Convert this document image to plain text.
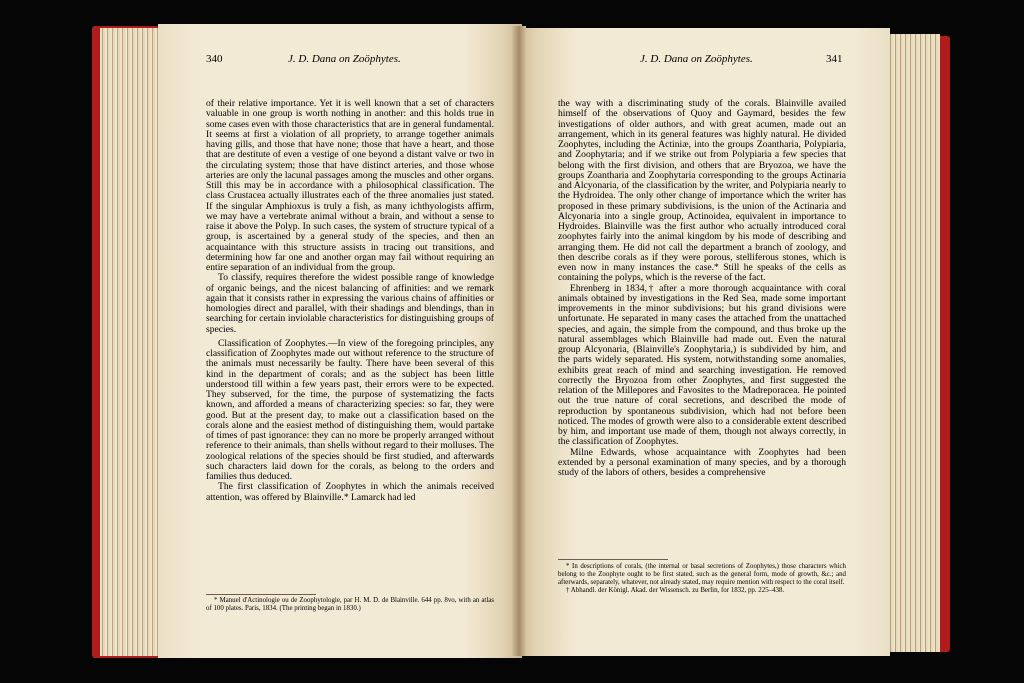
340	J. D. Dana on Zoöphytes.

of their relative importance. Yet it is well known that a set of characters valuable in one group is worth nothing in another: and this holds true in some cases even with those characteristics that are in general fundamental. It seems at first a violation of all propriety, to arrange together animals having gills, and those that have none; those that have a heart, and those that are destitute of even a vestige of one beyond a distant valve or two in the circulating system; those that have distinct arteries, and those whose arteries are only the lacunal passages among the muscles and other organs. Still this may be in accordance with a philosophical classification. The class Crustacea actually illustrates each of the three anomalies just stated. If the singular Amphioxus is truly a fish, as many ichthyologists affirm, we may have a vertebrate animal without a brain, and without a sense to raise it above the Polyp. In such cases, the system of structure typical of a group, is ascertained by a general study of the species, and then an acquaintance with this structure assists in tracing out transitions, and determining how far one and another organ may fail without requiring an entire separation of an individual from the group.

To classify, requires therefore the widest possible range of knowledge of organic beings, and the nicest balancing of affinities: and we remark again that it consists rather in expressing the various chains of affinities or homologies direct and parallel, with their shadings and blendings, than in searching for certain inviolable characteristics for distinguishing groups of species.

Classification of Zoophytes.—In view of the foregoing principles, any classification of Zoophytes made out without reference to the structure of the animals must necessarily be faulty. There have been several of this kind in the department of corals; and as the subject has been little understood till within a few years past, their errors were to be expected. They subserved, for the time, the purpose of systematizing the facts known, and afforded a means of characterizing species: so far, they were good. But at the present day, to make out a classification based on the corals alone and the easiest method of distinguishing them, would partake of times of past ignorance: they can no more be properly arranged without reference to their animals, than shells without regard to their molluses. The zoological relations of the species should be first studied, and afterwards such characters laid down for the corals, as belong to the orders and families thus deduced.

The first classification of Zoophytes in which the animals received attention, was offered by Blainville.* Lamarck had led

* Manuel d'Actinologie ou de Zoophytologie, par H. M. D. de Blainville. 644 pp. 8vo, with an atlas of 100 plates. Paris, 1834. (The printing began in 1830.)

J. D. Dana on Zoöphytes.	341

the way with a discriminating study of the corals. Blainville availed himself of the observations of Quoy and Gaymard, besides the few investigations of older authors, and with great acumen, made out an arrangement, which in its general features was highly natural. He divided Zoophytes, including the Actiniæ, into the groups Zoantharia, Polypiaria, and Zoophytaria; and if we strike out from Polypiaria a few species that belong with the first division, and others that are Bryozoa, we have the groups Zoantharia and Zoophytaria corresponding to the groups Actinaria and Alcyonaria, of the classification by the writer, and Polypiaria nearly to the Hydroidea. The only other change of importance which the writer has proposed in these primary subdivisions, is the union of the Actinaria and Alcyonaria into a single group, Actinoidea, equivalent in importance to Hydroides. Blainville was the first author who actually introduced coral zoophytes fairly into the animal kingdom by his mode of describing and arranging them. He did not call the department a branch of zoology, and then describe corals as if they were porous, stelliferous stones, which is even now in many instances the case.* Still he speaks of the cells as containing the polyps, which is the reverse of the fact.

Ehrenberg in 1834,† after a more thorough acquaintance with coral animals obtained by investigations in the Red Sea, made some important improvements in the minor subdivisions; but his grand divisions were unfortunate. He separated in many cases the attached from the unattached species, and again, the simple from the compound, and thus broke up the natural assemblages which Blainville had made out. Even the natural group Alcyonaria, (Blainville's Zoophytaria,) is subdivided by him, and the parts widely separated. His system, notwithstanding some anomalies, exhibits great reach of mind and searching investigation. He removed correctly the Bryozoa from other Zoophytes, and first suggested the relation of the Millepores and Favosites to the Madreporacea. He pointed out the true nature of coral secretions, and described the mode of reproduction by spontaneous subdivision, which had not before been noticed. The modes of growth were also to a considerable extent described by him, and important use made of them, though not always correctly, in the classification of Zoophytes.

Milne Edwards, whose acquaintance with Zoophytes had been extended by a personal examination of many species, and by a thorough study of the labors of others, besides a comprehensive

* In descriptions of corals, (the internal or basal secretions of Zoophytes,) those characters which belong to the Zoophyte ought to be first stated, such as the general form, mode of growth, &c.; and afterwards, separately, whatever, not already stated, may require mention with respect to the coral itself.

† Abhandl. der Königl. Akad. der Wissensch. zu Berlin, for 1832, pp. 225–438.
